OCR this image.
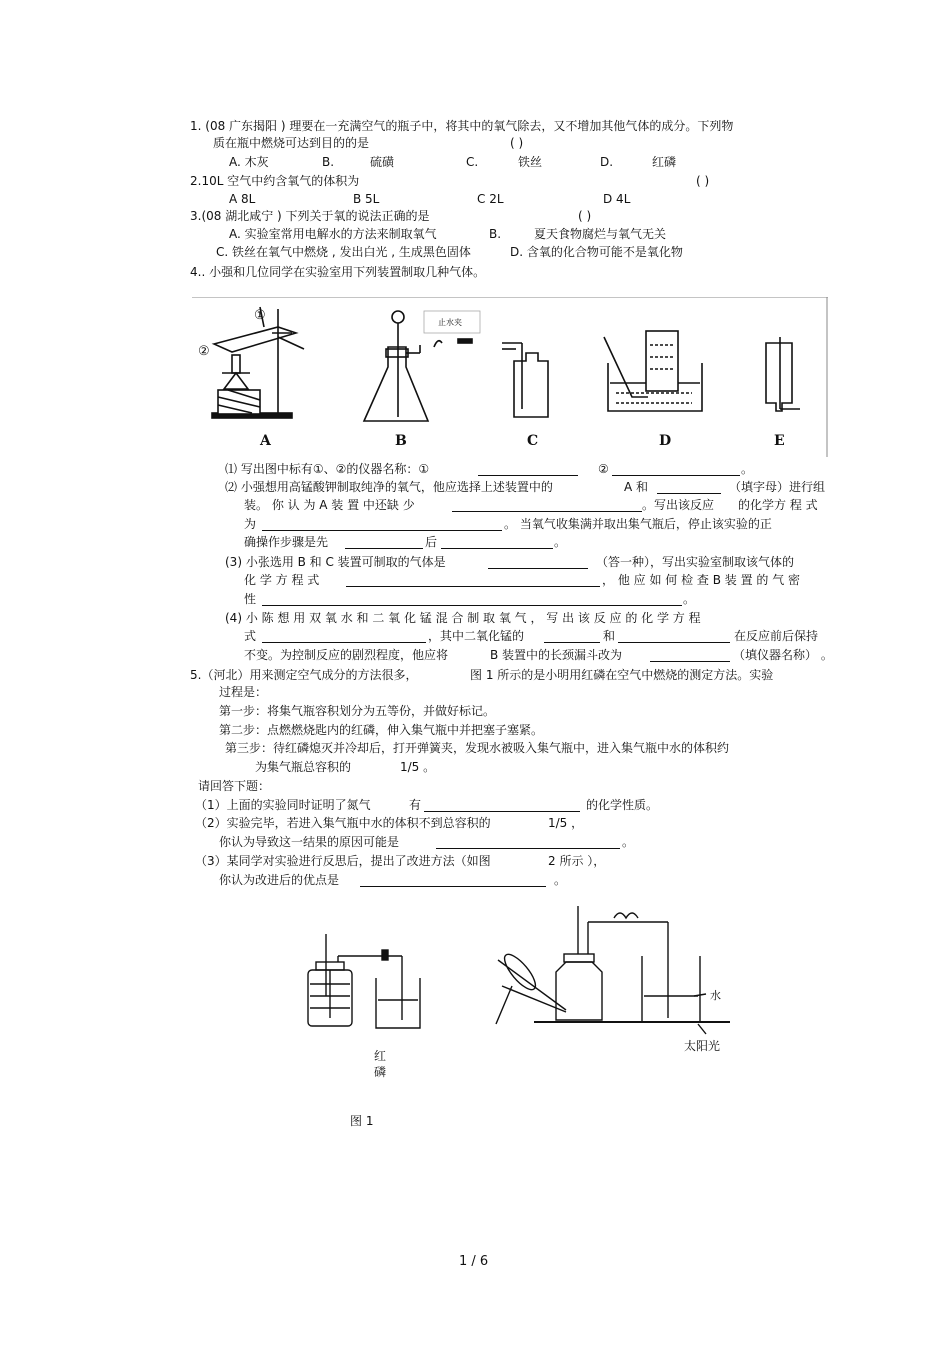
1. (08 广东揭阳 ) 理要在一充满空气的瓶子中，将其中的氧气除去，又不增加其他气体的成分。下列物
质在瓶中燃烧可达到目的的是	( )
A. 木灰	B.	硫磺	C.	铁丝	D.	红磷
2.10L 空气中约含氧气的体积为	( )
A 8L	B 5L	C 2L	D 4L
3.(08 湖北咸宁 ) 下列关于氧的说法正确的是	( )
A. 实验室常用电解水的方法来制取氧气	B.	夏天食物腐烂与氧气无关
C. 铁丝在氧气中燃烧 , 发出白光 , 生成黑色固体	D. 含氧的化合物可能不是氧化物
4.. 小强和几位同学在实验室用下列装置制取几种气体。
A	B	C	D	E
①
②
止水夹
⑴ 写出图中标有①、②的仪器名称：①	②	。
⑵ 小强想用高锰酸钾制取纯净的氧气，他应选择上述装置中的	A 和	（填字母）进行组
装。 你 认 为 A 装 置 中还缺 少	。写出该反应 的化学方 程 式
为	。 当氧气收集满并取出集气瓶后，停止该实验的正
确操作步骤是先	后	。
(3) 小张选用 B 和 C 装置可制取的气体是	（答一种），写出实验室制取该气体的
化 学 方 程 式	， 他 应 如 何 检 查 B 装 置 的 气 密
性	。
(4) 小 陈 想 用 双 氧 水 和 二 氧 化 锰 混 合 制 取 氧 气 ， 写 出 该 反 应 的 化 学 方 程
式	，其中二氧化锰的	和	在反应前后保持
不变。为控制反应的剧烈程度，他应将	B 装置中的长颈漏斗改为	（填仪器名称） 。
5.（河北）用来测定空气成分的方法很多，	图 1 所示的是小明用红磷在空气中燃烧的测定方法。实验
过程是：
第一步：将集气瓶容积划分为五等份，并做好标记。
第二步：点燃燃烧匙内的红磷，伸入集气瓶中并把塞子塞紧。
第三步：待红磷熄灭并冷却后，打开弹簧夹，发现水被吸入集气瓶中，进入集气瓶中水的体积约
为集气瓶总容积的	1/5 。
请回答下题：
（1）上面的实验同时证明了氮气	有	的化学性质。
（2）实验完毕，若进入集气瓶中水的体积不到总容积的	1/5 ，
你认为导致这一结果的原因可能是	。
（3）某同学对实验进行反思后，提出了改进方法（如图	2 所示 ），
你认为改进后的优点是	。
红
磷
水
太阳光
图 1
1 / 6
